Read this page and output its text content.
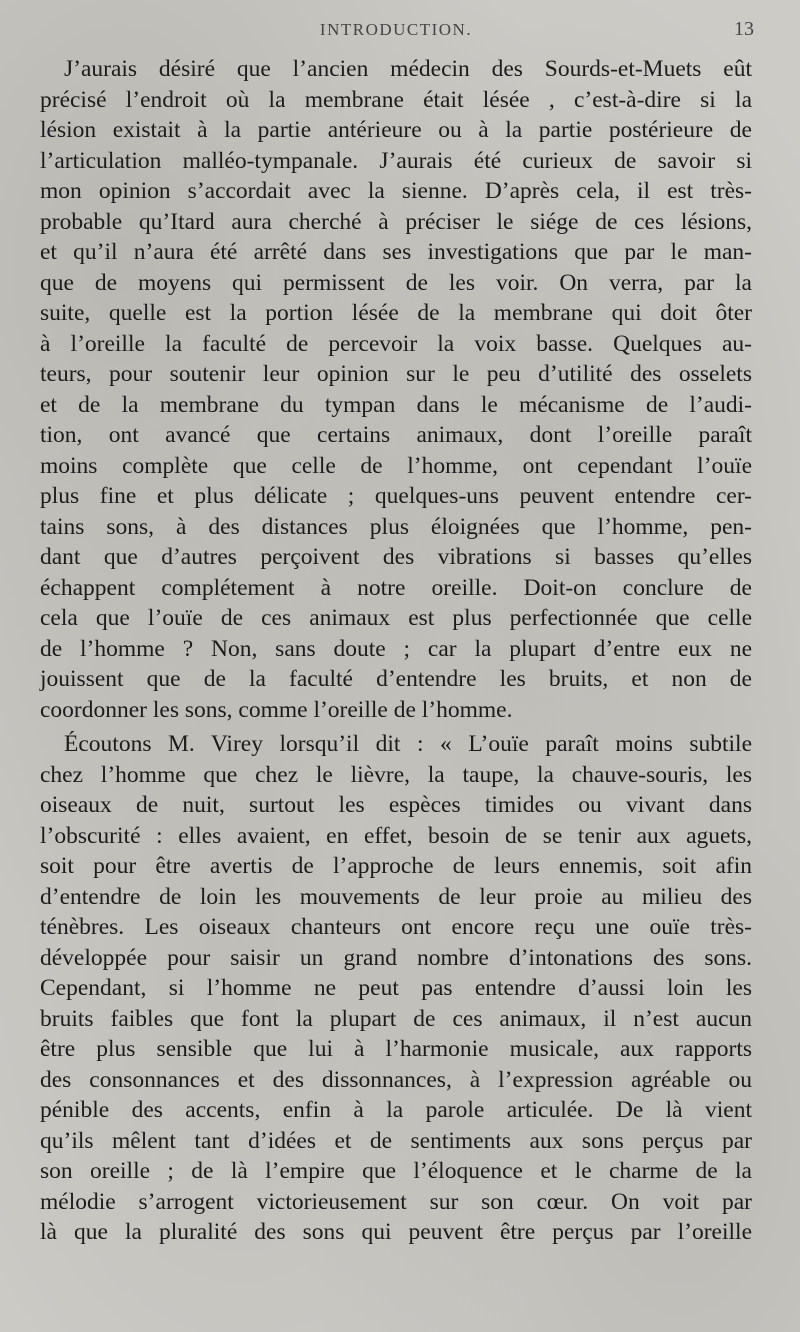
INTRODUCTION.	13
J’aurais désiré que l’ancien médecin des Sourds-et-Muets eût
précisé l’endroit où la membrane était lésée , c’est-à-dire si la
lésion existait à la partie antérieure ou à la partie postérieure de
l’articulation malléo-tympanale. J’aurais été curieux de savoir si
mon opinion s’accordait avec la sienne. D’après cela, il est très-
probable qu’Itard aura cherché à préciser le siége de ces lésions,
et qu’il n’aura été arrêté dans ses investigations que par le man-
que de moyens qui permissent de les voir. On verra, par la
suite, quelle est la portion lésée de la membrane qui doit ôter
à l’oreille la faculté de percevoir la voix basse. Quelques au-
teurs, pour soutenir leur opinion sur le peu d’utilité des osselets
et de la membrane du tympan dans le mécanisme de l’audi-
tion, ont avancé que certains animaux, dont l’oreille paraît
moins complète que celle de l’homme, ont cependant l’ouïe
plus fine et plus délicate ; quelques-uns peuvent entendre cer-
tains sons, à des distances plus éloignées que l’homme, pen-
dant que d’autres perçoivent des vibrations si basses qu’elles
échappent complétement à notre oreille. Doit-on conclure de
cela que l’ouïe de ces animaux est plus perfectionnée que celle
de l’homme ? Non, sans doute ; car la plupart d’entre eux ne
jouissent que de la faculté d’entendre les bruits, et non de
coordonner les sons, comme l’oreille de l’homme.
Écoutons M. Virey lorsqu’il dit : « L’ouïe paraît moins subtile
chez l’homme que chez le lièvre, la taupe, la chauve-souris, les
oiseaux de nuit, surtout les espèces timides ou vivant dans
l’obscurité : elles avaient, en effet, besoin de se tenir aux aguets,
soit pour être avertis de l’approche de leurs ennemis, soit afin
d’entendre de loin les mouvements de leur proie au milieu des
ténèbres. Les oiseaux chanteurs ont encore reçu une ouïe très-
développée pour saisir un grand nombre d’intonations des sons.
Cependant, si l’homme ne peut pas entendre d’aussi loin les
bruits faibles que font la plupart de ces animaux, il n’est aucun
être plus sensible que lui à l’harmonie musicale, aux rapports
des consonnances et des dissonnances, à l’expression agréable ou
pénible des accents, enfin à la parole articulée. De là vient
qu’ils mêlent tant d’idées et de sentiments aux sons perçus par
son oreille ; de là l’empire que l’éloquence et le charme de la
mélodie s’arrogent victorieusement sur son cœur. On voit par
là que la pluralité des sons qui peuvent être perçus par l’oreille
